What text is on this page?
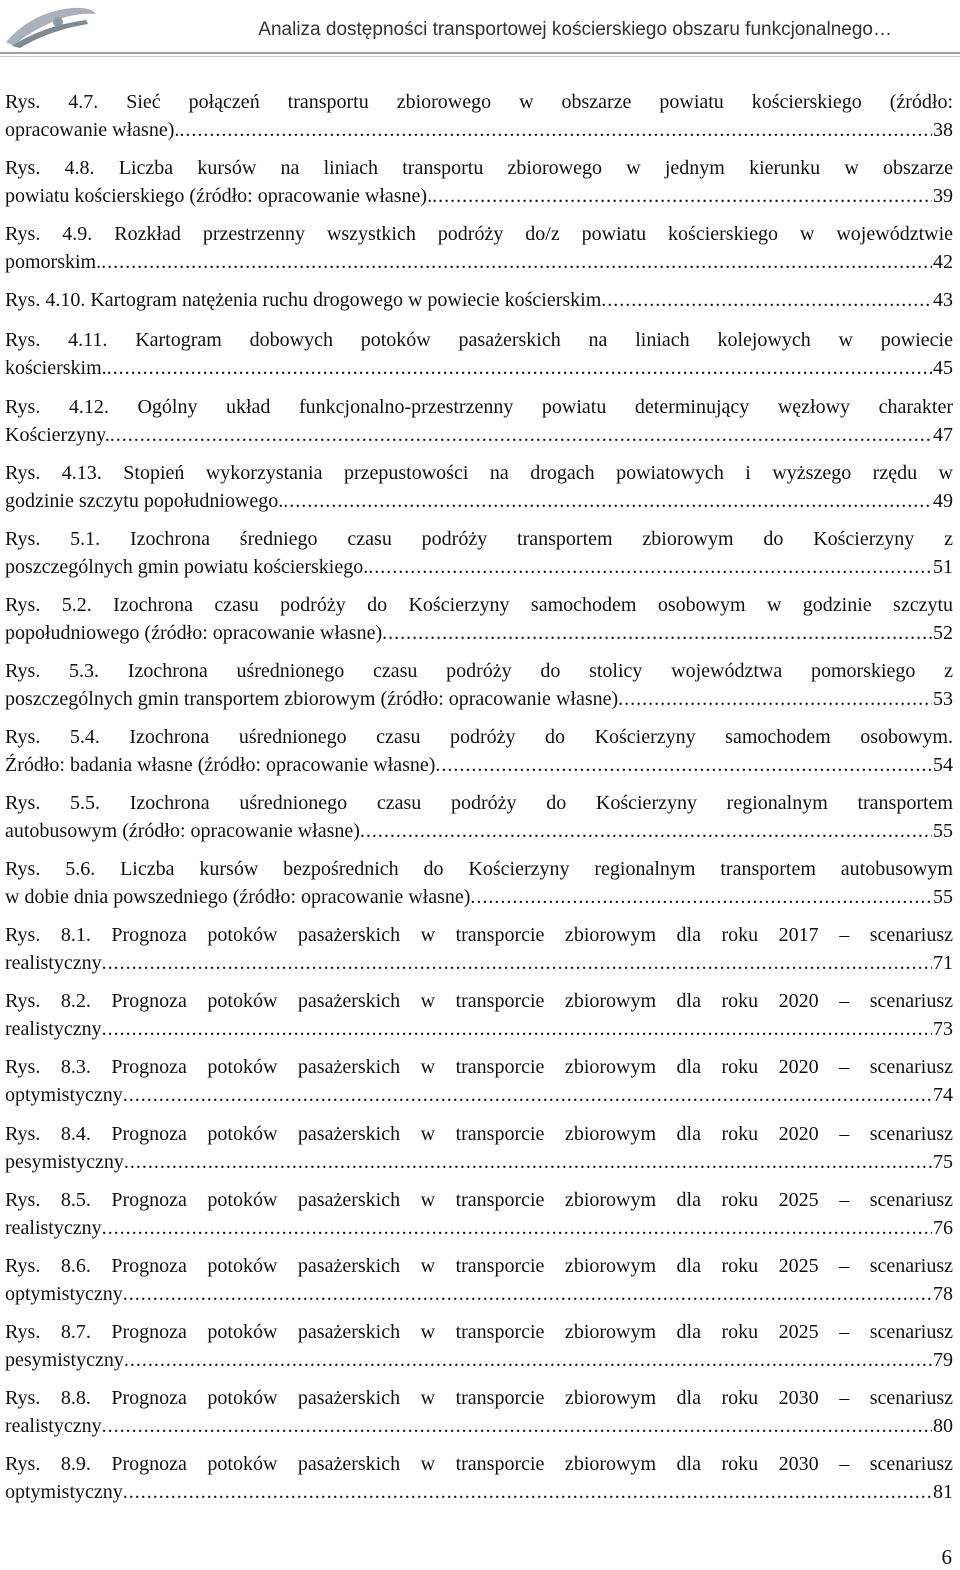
Analiza dostępności transportowej kościerskiego obszaru funkcjonalnego…
Rys. 4.7. Sieć połączeń transportu zbiorowego w obszarze powiatu kościerskiego (źródło:
opracowanie własne). .....	38
Rys. 4.8. Liczba kursów na liniach transportu zbiorowego w jednym kierunku w obszarze
powiatu kościerskiego (źródło: opracowanie własne). .....	39
Rys. 4.9. Rozkład przestrzenny wszystkich podróży do/z powiatu kościerskiego w województwie
pomorskim. .....	42
Rys. 4.10. Kartogram natężenia ruchu drogowego w powiecie kościerskim .....	43
Rys. 4.11. Kartogram dobowych potoków pasażerskich na liniach kolejowych w powiecie
kościerskim. .....	45
Rys. 4.12. Ogólny układ funkcjonalno-przestrzenny powiatu determinujący węzłowy charakter
Kościerzyny. .....	47
Rys. 4.13. Stopień wykorzystania przepustowości na drogach powiatowych i wyższego rzędu w
godzinie szczytu popołudniowego. .....	49
Rys. 5.1. Izochrona średniego czasu podróży transportem zbiorowym do Kościerzyny z
poszczególnych gmin powiatu kościerskiego. .....	51
Rys. 5.2. Izochrona czasu podróży do Kościerzyny samochodem osobowym w godzinie szczytu
popołudniowego (źródło: opracowanie własne) .....	52
Rys. 5.3. Izochrona uśrednionego czasu podróży do stolicy województwa pomorskiego z
poszczególnych gmin transportem zbiorowym (źródło: opracowanie własne) .....	53
Rys. 5.4. Izochrona uśrednionego czasu podróży do Kościerzyny samochodem osobowym.
Źródło: badania własne (źródło: opracowanie własne) .....	54
Rys. 5.5. Izochrona uśrednionego czasu podróży do Kościerzyny regionalnym transportem
autobusowym (źródło: opracowanie własne) .....	55
Rys. 5.6. Liczba kursów bezpośrednich do Kościerzyny regionalnym transportem autobusowym
w dobie dnia powszedniego (źródło: opracowanie własne) .....	55
Rys. 8.1. Prognoza potoków pasażerskich w transporcie zbiorowym dla roku 2017 – scenariusz
realistyczny .....	71
Rys. 8.2. Prognoza potoków pasażerskich w transporcie zbiorowym dla roku 2020 – scenariusz
realistyczny .....	73
Rys. 8.3. Prognoza potoków pasażerskich w transporcie zbiorowym dla roku 2020 – scenariusz
optymistyczny .....	74
Rys. 8.4. Prognoza potoków pasażerskich w transporcie zbiorowym dla roku 2020 – scenariusz
pesymistyczny .....	75
Rys. 8.5. Prognoza potoków pasażerskich w transporcie zbiorowym dla roku 2025 – scenariusz
realistyczny .....	76
Rys. 8.6. Prognoza potoków pasażerskich w transporcie zbiorowym dla roku 2025 – scenariusz
optymistyczny .....	78
Rys. 8.7. Prognoza potoków pasażerskich w transporcie zbiorowym dla roku 2025 – scenariusz
pesymistyczny .....	79
Rys. 8.8. Prognoza potoków pasażerskich w transporcie zbiorowym dla roku 2030 – scenariusz
realistyczny .....	80
Rys. 8.9. Prognoza potoków pasażerskich w transporcie zbiorowym dla roku 2030 – scenariusz
optymistyczny .....	81
6
